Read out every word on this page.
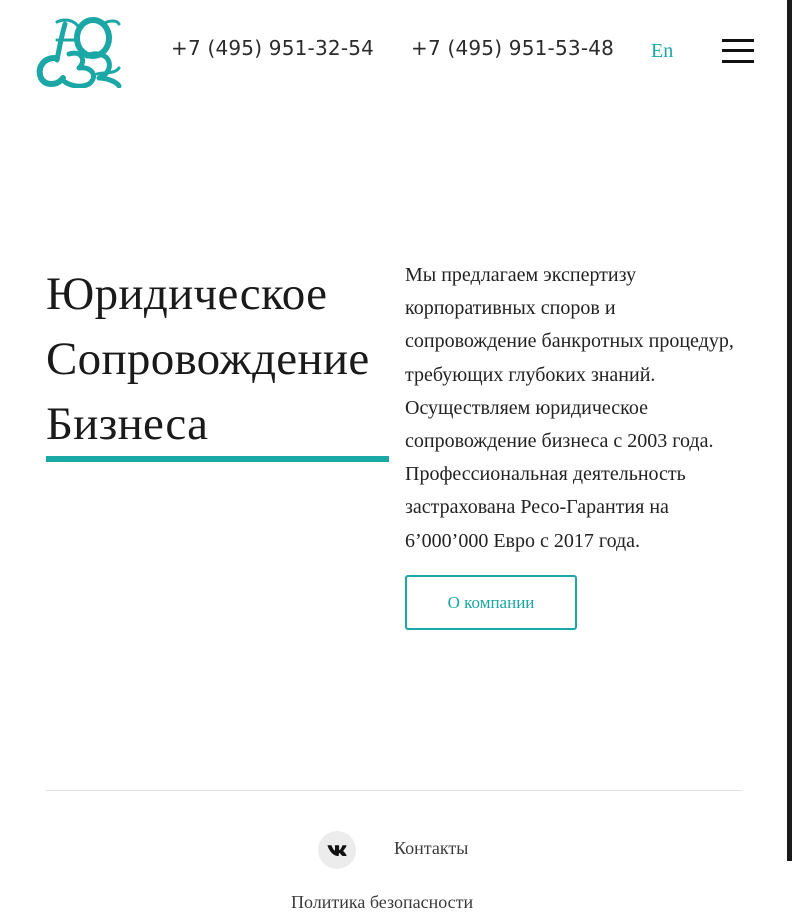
+7 (495) 951-32-54 +7 (495) 951-53-48 En
Юридическое
Сопровождение
Бизнеса

Мы предлагаем экспертизу корпоративных споров и сопровождение банкротных процедур, требующих глубоких знаний. Осуществляем юридическое сопровождение бизнеса с 2003 года. Профессиональная деятельность застрахована Ресо-Гарантия на 6’000’000 Евро с 2017 года.

О компании
Контакты
Политика безопасности
